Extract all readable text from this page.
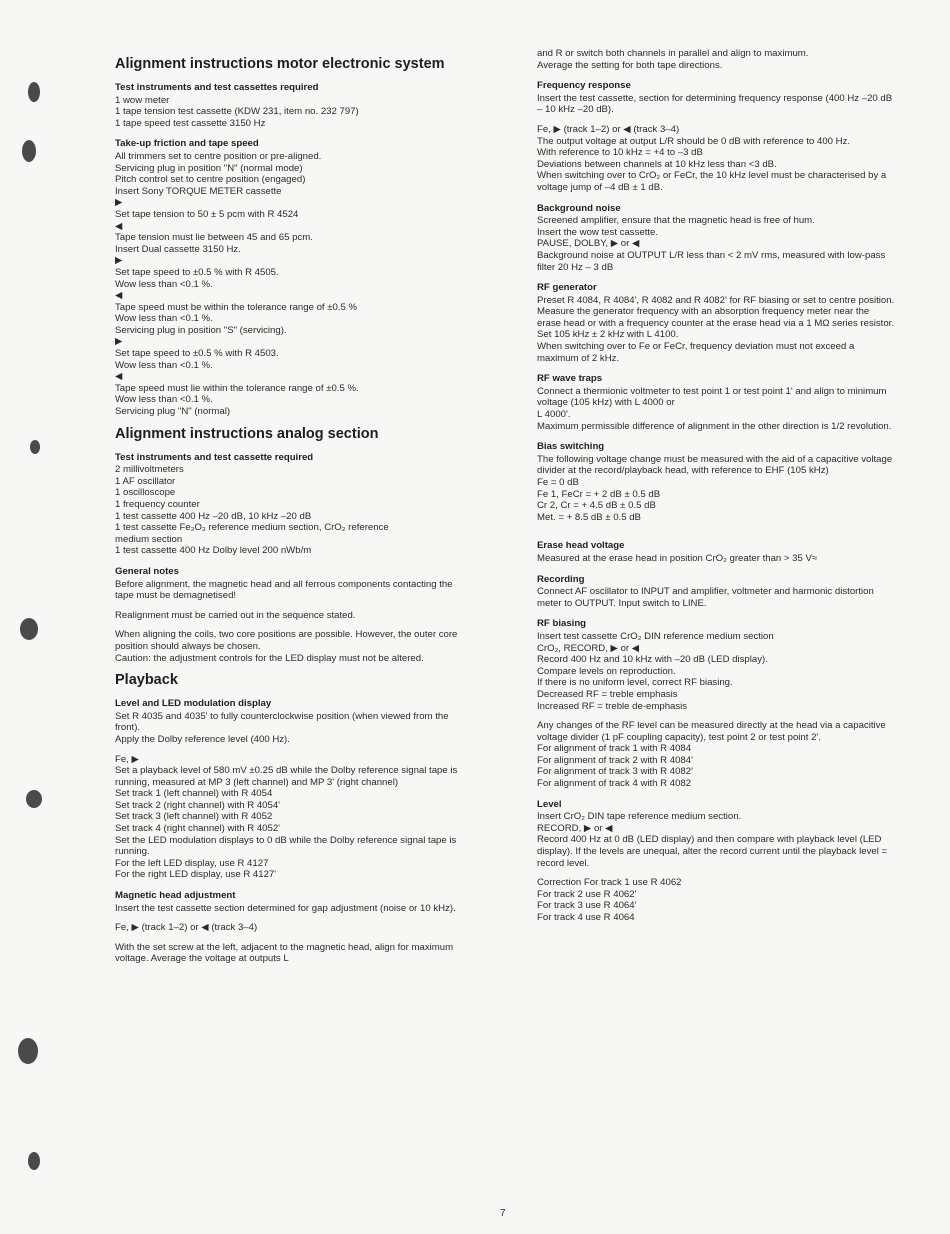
Alignment instructions motor electronic system
Test instruments and test cassettes required
1 wow meter
1 tape tension test cassette (KDW 231, item no. 232 797)
1 tape speed test cassette 3150 Hz
Take-up friction and tape speed
All trimmers set to centre position or pre-aligned.
Servicing plug in position "N" (normal mode)
Pitch control set to centre position (engaged)
Insert Sony TORQUE METER cassette
▶
Set tape tension to 50 ± 5 pcm with R 4524
◀
Tape tension must lie between 45 and 65 pcm.
Insert Dual cassette 3150 Hz.
▶
Set tape speed to ±0.5 % with R 4505.
Wow less than <0.1 %.
◀
Tape speed must be within the tolerance range of ±0.5 %
Wow less than <0.1 %.
Servicing plug in position "S" (servicing).
▶
Set tape speed to ±0.5 % with R 4503.
Wow less than <0.1 %.
◀
Tape speed must lie within the tolerance range of ±0.5 %.
Wow less than <0.1 %.
Servicing plug "N" (normal)
Alignment instructions analog section
Test instruments and test cassette required
2 millivoltmeters
1 AF oscillator
1 oscilloscope
1 frequency counter
1 test cassette 400 Hz –20 dB, 10 kHz –20 dB
1 test cassette Fe₂O₃ reference medium section, CrO₂ reference
medium section
1 test cassette 400 Hz Dolby level 200 nWb/m
General notes
Before alignment, the magnetic head and all ferrous components contacting the tape must be demagnetised!
Realignment must be carried out in the sequence stated.
When aligning the coils, two core positions are possible. However, the outer core position should always be chosen.
Caution: the adjustment controls for the LED display must not be altered.
Playback
Level and LED modulation display
Set R 4035 and 4035' to fully counterclockwise position (when viewed from the front).
Apply the Dolby reference level (400 Hz).
Fe, ▶
Set a playback level of 580 mV ±0.25 dB while the Dolby reference signal tape is running, measured at MP 3 (left channel) and MP 3' (right channel)
Set track 1 (left channel) with R 4054
Set track 2 (right channel) with R 4054'
Set track 3 (left channel) with R 4052
Set track 4 (right channel) with R 4052'
Set the LED modulation displays to 0 dB while the Dolby reference signal tape is running.
For the left LED display, use R 4127
For the right LED display, use R 4127'
Magnetic head adjustment
Insert the test cassette section determined for gap adjustment (noise or 10 kHz).
Fe, ▶ (track 1–2) or ◀ (track 3–4)
With the set screw at the left, adjacent to the magnetic head, align for maximum voltage. Average the voltage at outputs L
and R or switch both channels in parallel and align to maximum.
Average the setting for both tape directions.
Frequency response
Insert the test cassette, section for determining frequency response (400 Hz –20 dB – 10 kHz –20 dB).
Fe, ▶ (track 1–2) or ◀ (track 3–4)
The output voltage at output L/R should be 0 dB with reference to 400 Hz.
With reference to 10 kHz = +4 to –3 dB
Deviations between channels at 10 kHz less than <3 dB.
When switching over to CrO₂ or FeCr, the 10 kHz level must be characterised by a voltage jump of –4 dB ± 1 dB.
Background noise
Screened amplifier, ensure that the magnetic head is free of hum.
Insert the wow test cassette.
PAUSE, DOLBY, ▶ or ◀
Background noise at OUTPUT L/R less than < 2 mV rms, measured with low-pass filter 20 Hz – 3 dB
RF generator
Preset R 4084, R 4084', R 4082 and R 4082' for RF biasing or set to centre position.
Measure the generator frequency with an absorption frequency meter near the erase head or with a frequency counter at the erase head via a 1 MΩ series resistor.
Set 105 kHz ± 2 kHz with L 4100.
When switching over to Fe or FeCr, frequency deviation must not exceed a maximum of 2 kHz.
RF wave traps
Connect a thermionic voltmeter to test point 1 or test point 1' and align to minimum voltage (105 kHz) with L 4000 or
L 4000'.
Maximum permissible difference of alignment in the other direction is 1/2 revolution.
Bias switching
The following voltage change must be measured with the aid of a capacitive voltage divider at the record/playback head, with reference to EHF (105 kHz)
Fe = 0 dB
Fe 1, FeCr = + 2 dB ± 0.5 dB
Cr 2, Cr = + 4.5 dB ± 0.5 dB
Met. = + 8.5 dB ± 0.5 dB
Erase head voltage
Measured at the erase head in position CrO₂ greater than > 35 V≈
Recording
Connect AF oscillator to INPUT and amplifier, voltmeter and harmonic distortion meter to OUTPUT. Input switch to LINE.
RF biasing
Insert test cassette CrO₂ DIN reference medium section
CrO₂, RECORD, ▶ or ◀
Record 400 Hz and 10 kHz with –20 dB (LED display).
Compare levels on reproduction.
If there is no uniform level, correct RF biasing.
Decreased RF = treble emphasis
Increased RF = treble de-emphasis
Any changes of the RF level can be measured directly at the head via a capacitive voltage divider (1 pF coupling capacity), test point 2 or test point 2'.
For alignment of track 1 with R 4084
For alignment of track 2 with R 4084'
For alignment of track 3 with R 4082'
For alignment of track 4 with R 4082
Level
Insert CrO₂ DIN tape reference medium section.
RECORD, ▶ or ◀
Record 400 Hz at 0 dB (LED display) and then compare with playback level (LED display). If the levels are unequal, alter the record current until the playback level = record level.
Correction For track 1 use R 4062
For track 2 use R 4062'
For track 3 use R 4064'
For track 4 use R 4064
7
